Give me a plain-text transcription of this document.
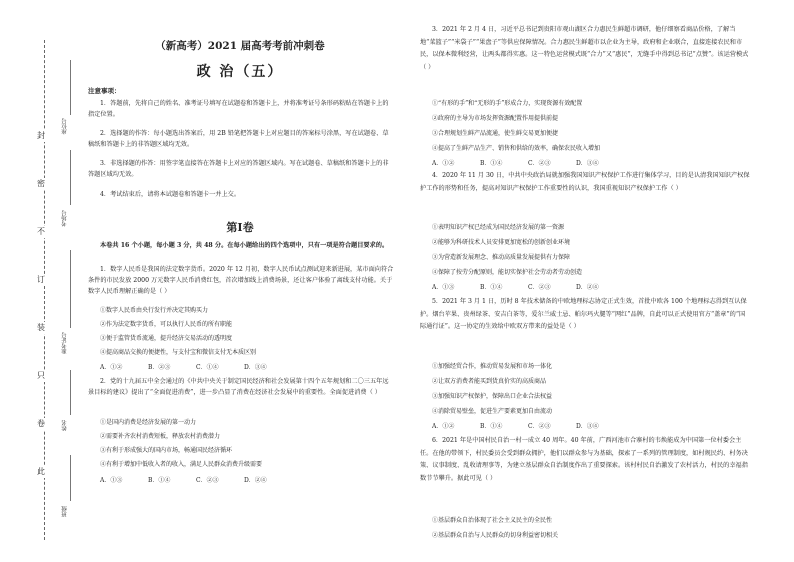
封
密
不
订
装
只
卷
此
座位号
考场号
准考证号
姓名
班级
（新高考）2021 届高考考前冲刺卷
政 治（五）
注意事项：
1．答题前，先将自己的姓名、准考证号填写在试题卷和答题卡上，并将准考证号条形码粘贴在答题卡上的指定位置。
2．选择题的作答：每小题选出答案后，用 2B 铅笔把答题卡上对应题目的答案标号涂黑，写在试题卷、草稿纸和答题卡上的非答题区域均无效。
3．非选择题的作答：用签字笔直接答在答题卡上对应的答题区域内。写在试题卷、草稿纸和答题卡上的非答题区域均无效。
4．考试结束后，请将本试题卷和答题卡一并上交。
第Ⅰ卷
本卷共 16 个小题，每小题 3 分，共 48 分。在每小题给出的四个选项中，只有一项是符合题目要求的。
1．数字人民币是我国的法定数字货币。2020 年 12 月初，数字人民币试点测试迎来新进展，某市面向符合条件的市民发放 2000 万元数字人民币消费红包，首次增加线上消费场景，还让客户体验了离线支付功能。关于数字人民币理解正确的是（ ）
①数字人民币由央行发行并决定其购买力
②作为法定数字货币，可以执行人民币的所有职能
③便于监管货币流通，提升经济交易活动的透明度
④提高商品交换的便捷性，与支付宝和微信支付无本质区别
A．①②	B．②③	C．①④	D．③④
2．党的十九届五中全会通过的《中共中央关于制定国民经济和社会发展第十四个五年规划和二〇三五年远景目标的建议》提出了“全面促进消费”，进一步凸显了消费在经济社会发展中的重要性。全面促进消费（ ）
①是国内消费是经济发展的第一动力
②需要补齐农村消费短板，释放农村消费潜力
③有利于形成强大的国内市场，畅通国民经济循环
④有利于增加中低收入者的收入，满足人民群众消费升级需要
A．①③	B．①④	C．②③	D．②④
3．2021 年 2 月 4 日，习近平总书记到贵阳市观山湖区合力惠民生鲜超市调研，他仔细察看商品价格，了解当地“菜篮子”“米袋子”“果盘子”等供应保障情况。合力惠民生鲜超市以企业为主导，政府和企业联合，直接连接农民和市民，以保本微利经营，让两头都得实惠。这一特色运营模式既“合力”又“惠民”，无缝手中得到总书记“点赞”。该运营模式（ ）
①“有形的手”和“无形的手”形成合力，实现资源有效配置
②政府的主导为市场发挥资源配置作用提供前提
③合理规划生鲜产品流通，使生鲜交易更加便捷
④提高了生鲜产品生产、销售和供给的效率，确保农民收入增加
A．①②	B．①④	C．②③	D．③④
4．2020 年 11 月 30 日，中共中央政治局就加强我国知识产权保护工作进行集体学习，目的是认清我国知识产权保护工作的形势和任务，提高对知识产权保护工作重要性的认识，我国重视知识产权保护工作（ ）
①表明知识产权已经成为国民经济发展的第一资源
②能够为科研技术人员安排更加宽松的创新创业环境
③为营造新发展理念、推动高质量发展提供有力保障
④保障了按劳分配原则，能切实保护社会劳动者劳动创造
A．①③	B．①④	C．②③	D．②④
5．2021 年 3 月 1 日，历时 8 年技术储备的中欧地理标志协定正式生效，首批中欧各 100 个地理标志得到互认保护。烟台苹果、贵州绿茶、安吉白茶等，爱尔兰威士忌、帕尔玛火腿等“网红”品牌，自此可以正式使用官方“盖章”的“国际通行证”。这一协定的生效给中欧双方带来的益处是（ ）
①加强经贸合作，推动贸易发展和市场一体化
②让双方消费者能买到货真价实的高质商品
③加强知识产权保护，保障出口企业合法权益
④消除贸易壁垒，促进生产要素更加自由流动
A．①②	B．①④	C．②③	D．③④
6．2021 年是中国村民自治一村一成立 40 周年。40 年前，广西河池市合寨村的韦焕能成为中国第一位村委会主任。在他的带领下，村民委员会受到群众拥护，他们以群众参与为基础，探索了一系列的管理制度，如村规民约、村务决策、议事制度、乱收请理事等，为建立基层群众自治制度作出了重要探索。该村村民自治激发了农村活力，村民的幸福指数节节攀升。据此可见（ ）
①基层群众自治体现了社会主义民主的全民性
②基层群众自治与人民群众的切身利益密切相关
